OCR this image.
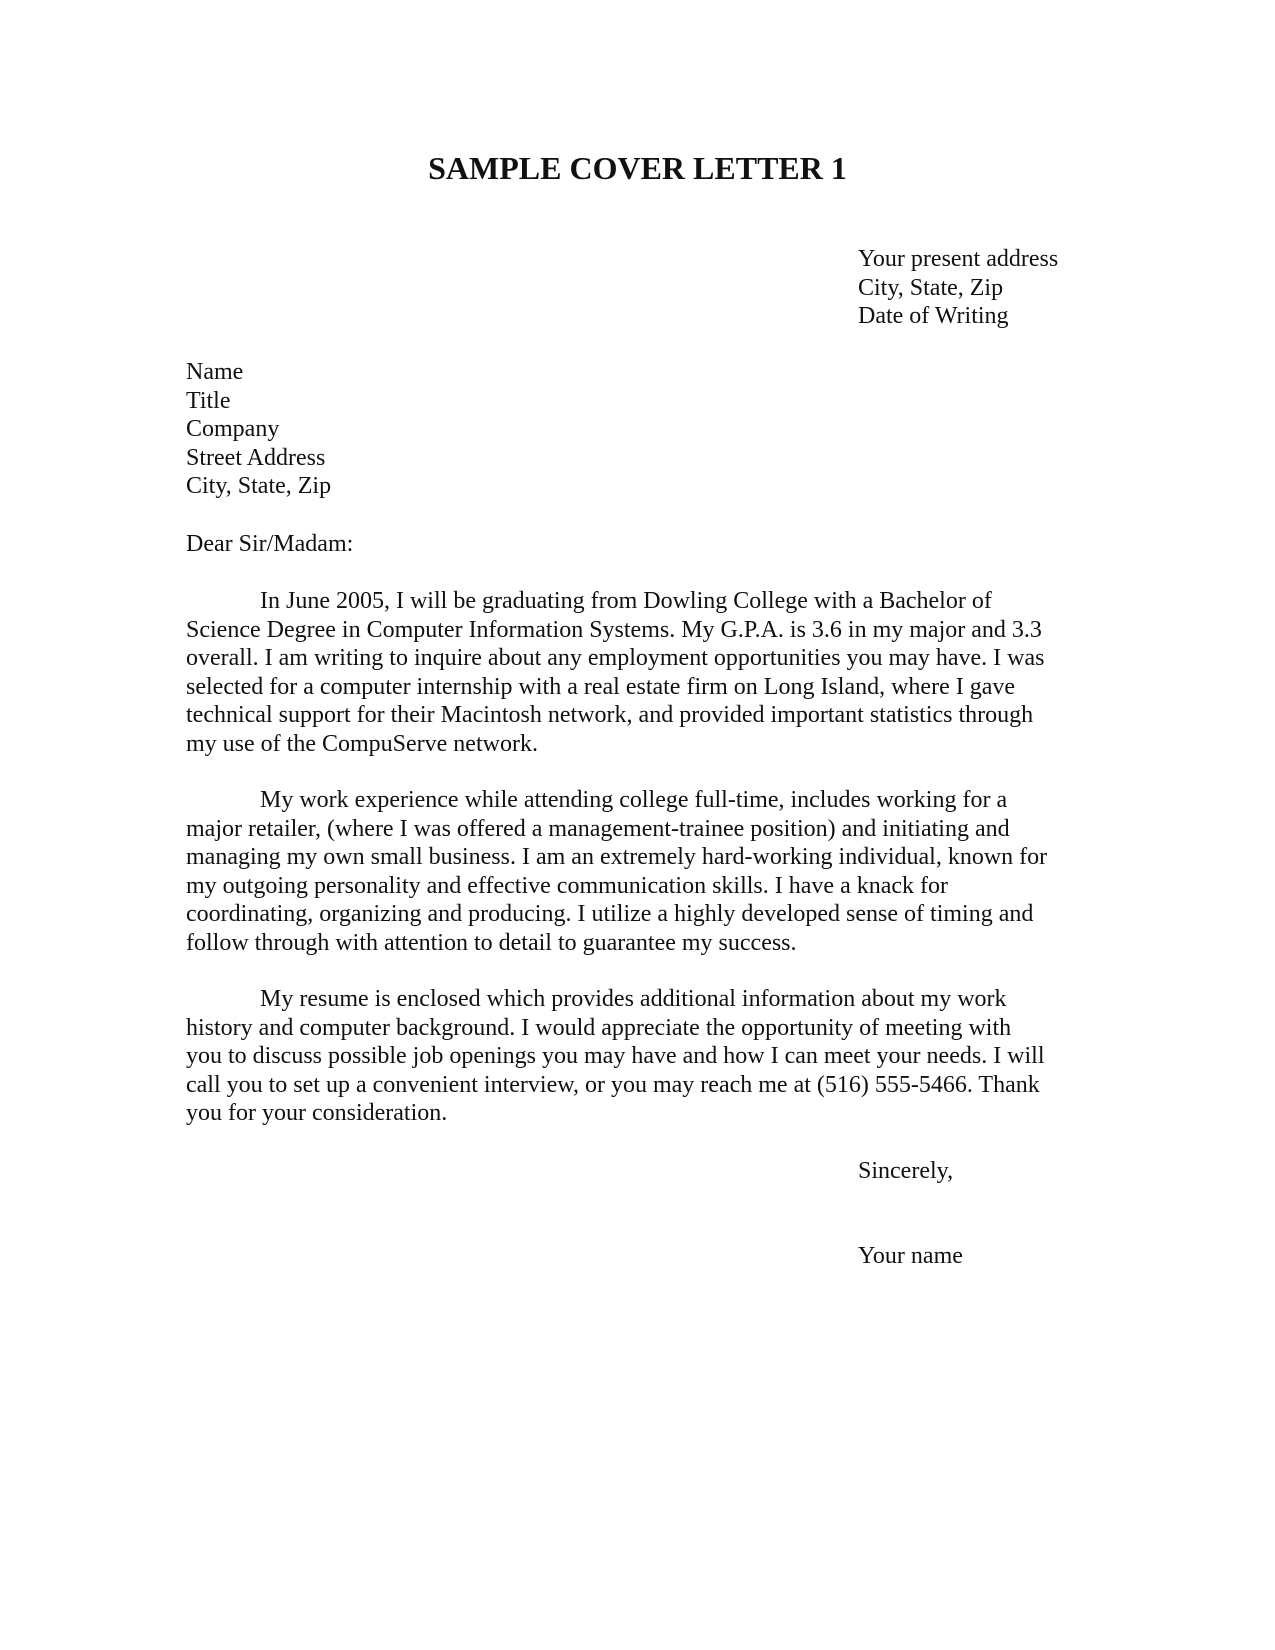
SAMPLE COVER LETTER 1
Your present address
City, State, Zip
Date of Writing
Name
Title
Company
Street Address
City, State, Zip
Dear Sir/Madam:
In June 2005, I will be graduating from Dowling College with a Bachelor of
Science Degree in Computer Information Systems. My G.P.A. is 3.6 in my major and 3.3
overall. I am writing to inquire about any employment opportunities you may have. I was
selected for a computer internship with a real estate firm on Long Island, where I gave
technical support for their Macintosh network, and provided important statistics through
my use of the CompuServe network.
My work experience while attending college full-time, includes working for a
major retailer, (where I was offered a management-trainee position) and initiating and
managing my own small business. I am an extremely hard-working individual, known for
my outgoing personality and effective communication skills. I have a knack for
coordinating, organizing and producing. I utilize a highly developed sense of timing and
follow through with attention to detail to guarantee my success.
My resume is enclosed which provides additional information about my work
history and computer background. I would appreciate the opportunity of meeting with
you to discuss possible job openings you may have and how I can meet your needs. I will
call you to set up a convenient interview, or you may reach me at (516) 555-5466. Thank
you for your consideration.
Sincerely,
Your name
